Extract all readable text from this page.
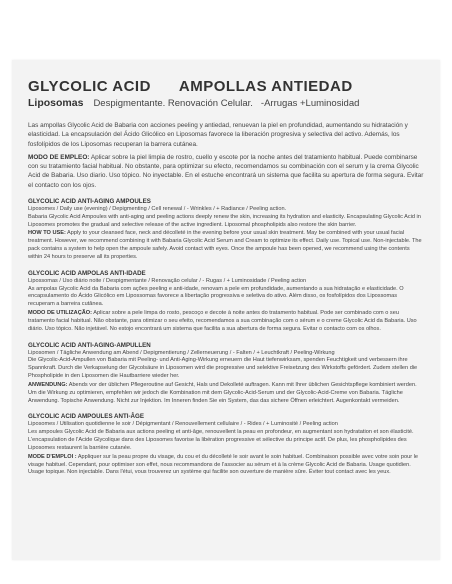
GLYCOLIC ACID AMPOLLAS ANTIEDAD
Liposomas Despigmentante. Renovación Celular. -Arrugas +Luminosidad

Las ampollas Glycolic Acid de Babaria con acciones peeling y antiedad, renuevan la piel en profundidad, aumentando su hidratación y elasticidad. La encapsulación del Ácido Glicólico en Liposomas favorece la liberación progresiva y selectiva del activo. Además, los fosfolípidos de los Liposomas recuperan la barrera cutánea.

MODO DE EMPLEO: Aplicar sobre la piel limpia de rostro, cuello y escote por la noche antes del tratamiento habitual. Puede combinarse con su tratamiento facial habitual. No obstante, para optimizar su efecto, recomendamos su combinación con el serum y la crema Glycolic Acid de Babaria. Uso diario. Uso tópico. No inyectable. En el estuche encontrará un sistema que facilita su apertura de forma segura. Evitar el contacto con los ojos.

GLYCOLIC ACID ANTI-AGING AMPOULES
Liposomes / Daily use (evening) / Depigmenting / Cell renewal / - Wrinkles / + Radiance / Peeling action.
Babaria Glycolic Acid Ampoules with anti-aging and peeling actions deeply renew the skin, increasing its hydration and elasticity. Encapsulating Glycolic Acid in Liposomes promotes the gradual and selective release of the active ingredient. Liposomal phospholipids also restore the skin barrier.
HOW TO USE: Apply to your cleansed face, neck and décolleté in the evening before your usual skin treatment. May be combined with your usual facial treatment. However, we recommend combining it with Babaria Glycolic Acid Serum and Cream to optimize its effect. Daily use. Topical use. Non-injectable. The pack contains a system to help open the ampoule safely. Avoid contact with eyes. Once the ampoule has been opened, we recommend using the contents within 24 hours to preserve all its properties.
GLYCOLIC ACID AMPOLAS ANTI-IDADE
Lipossomas / Uso diário noite / Despigmentante / Renovação celular / - Rugas / + Luminosidade / Peeling action
As ampolas Glycolic Acid da Babaria com ações peeling e anti-idade, renovam a pele em profundidade, aumentando a sua hidratação e elasticidade. O encapsulamento do Ácido Glicólico em Lipossomas favorece a libertação progressiva e seletiva do ativo. Além disso, os fosfolípidos dos Lipossomas recuperam a barreira cutânea.
MODO DE UTILIZAÇÃO: Aplicar sobre a pele limpa do rosto, pescoço e decote à noite antes do tratamento habitual. Pode ser combinado com o seu tratamento facial habitual. Não obstante, para otimizar o seu efeito, recomendamos a sua combinação com o sérum e o creme Glycolic Acid da Babaria. Uso diário. Uso tópico. Não injetável. No estojo encontrará um sistema que facilita a sua abertura de forma segura. Evitar o contacto com os olhos.
GLYCOLIC ACID ANTI-AGING-AMPULLEN
Liposomen / Tägliche Anwendung am Abend / Depigmentierung / Zellerneuerung / - Falten / + Leuchtkraft / Peeling-Wirkung
Die Glycolic-Acid-Ampullen von Babaria mit Peeling- und Anti-Aging-Wirkung erneuern die Haut tiefenwirksam, spenden Feuchtigkeit und verbessern ihre Spannkraft. Durch die Verkapselung der Glycolsäure in Liposomen wird die progressive und selektive Freisetzung des Wirkstoffs gefördert. Zudem stellen die Phospholipide in den Liposomen die Hautbarriere wieder her.
ANWENDUNG: Abends vor der üblichen Pflegeroutine auf Gesicht, Hals und Dekolleté auftragen. Kann mit Ihrer üblichen Gesichtspflege kombiniert werden. Um die Wirkung zu optimieren, empfehlen wir jedoch die Kombination mit dem Glycolic-Acid-Serum und der Glycolic-Acid-Creme von Babaria. Tägliche Anwendung. Topische Anwendung. Nicht zur Injektion. Im Inneren finden Sie ein System, das das sichere Öffnen erleichtert. Augenkontakt vermeiden.
GLYCOLIC ACID AMPOULES ANTI-ÂGE
Liposomes / Utilisation quotidienne le soir / Dépigmentant / Renouvellement cellulaire / - Rides / + Luminosité / Peeling action
Les ampoules Glycolic Acid de Babaria aux actions peeling et anti-âge, renouvellent la peau en profondeur, en augmentant son hydratation et son élasticité. L'encapsulation de l'Acide Glycolique dans des Liposomes favorise la libération progressive et sélective du principe actif. De plus, les phospholipides des Liposomes restaurent la barrière cutanée.
MODE D'EMPLOI : Appliquer sur la peau propre du visage, du cou et du décolleté le soir avant le soin habituel. Combinaison possible avec votre soin pour le visage habituel. Cependant, pour optimiser son effet, nous recommandons de l'associer au sérum et à la crème Glycolic Acid de Babaria. Usage quotidien. Usage topique. Non injectable. Dans l'étui, vous trouverez un système qui facilite son ouverture de manière sûre. Éviter tout contact avec les yeux.
